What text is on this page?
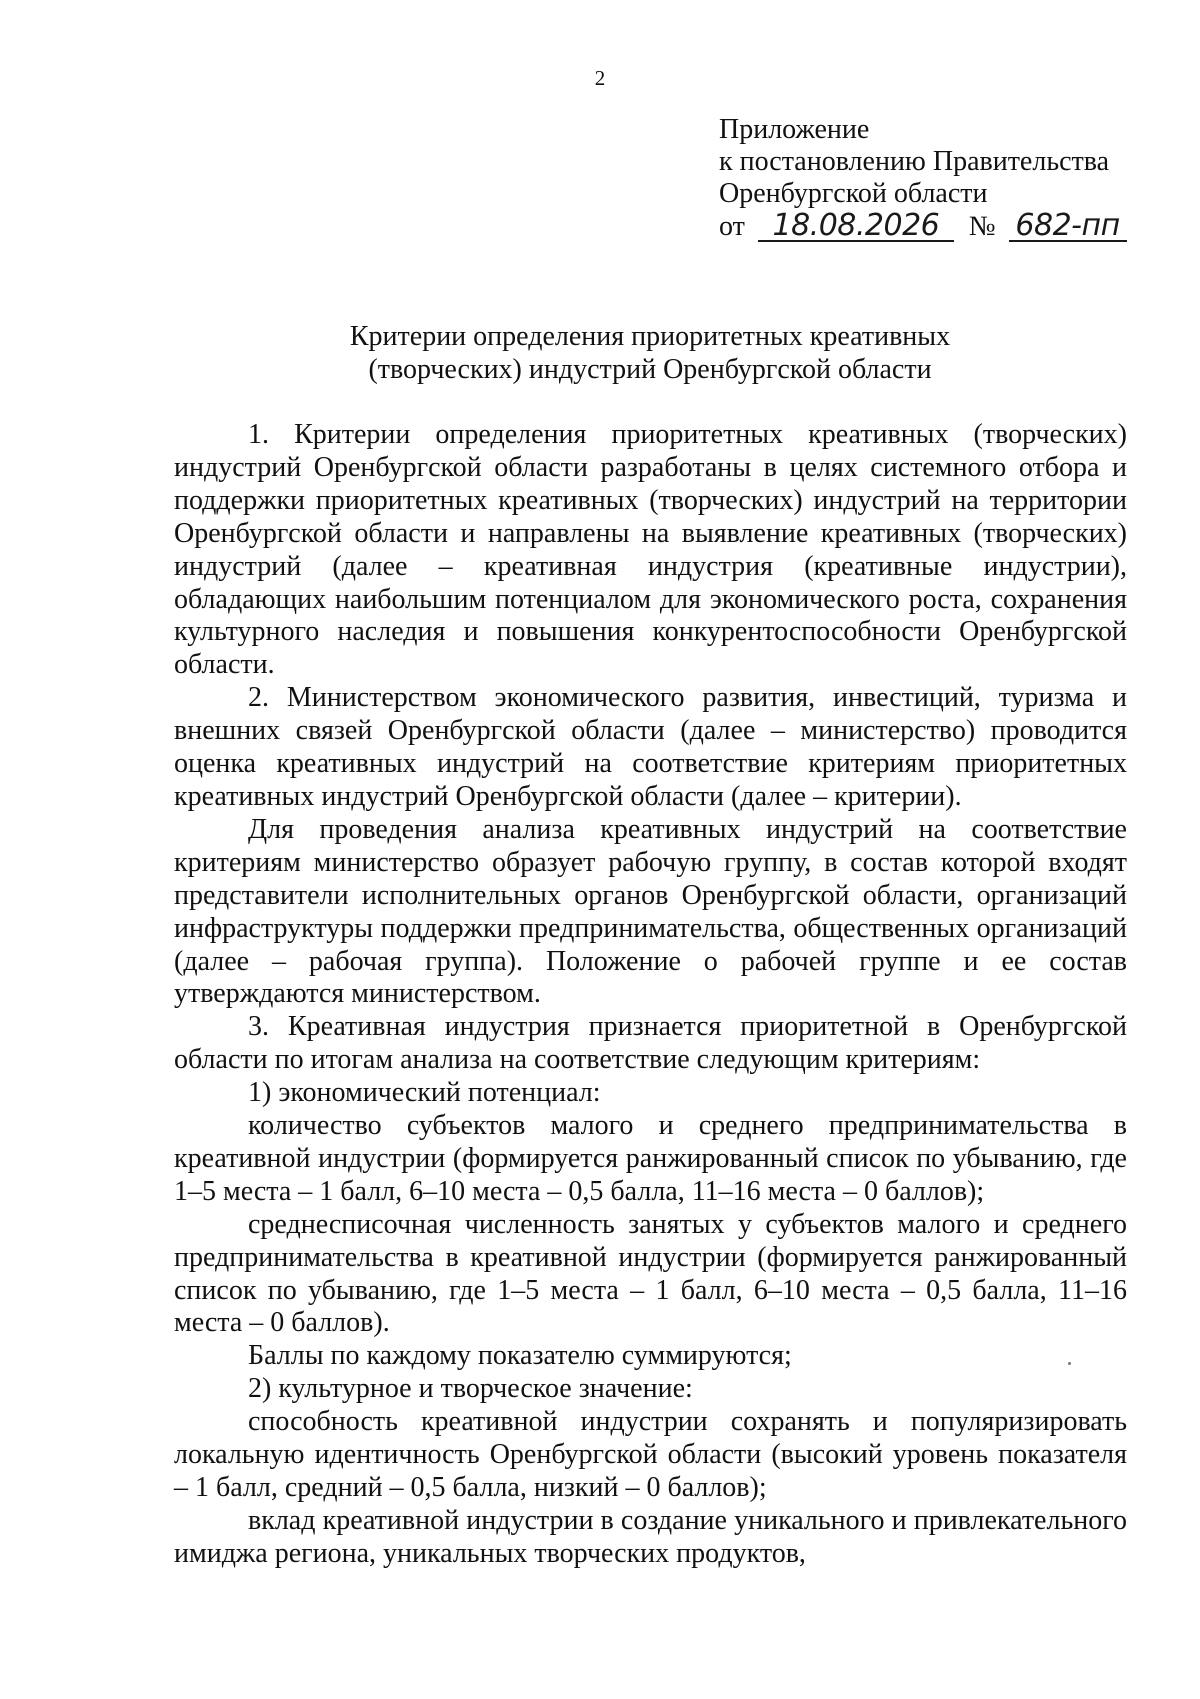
2
Приложение
к постановлению Правительства
Оренбургской области
от 18.08.2026 № 682-пп
Критерии определения приоритетных креативных
(творческих) индустрий Оренбургской области

1. Критерии определения приоритетных креативных (творческих) индустрий Оренбургской области разработаны в целях системного отбора и поддержки приоритетных креативных (творческих) индустрий на территории Оренбургской области и направлены на выявление креативных (творческих) индустрий (далее – креативная индустрия (креативные индустрии), обладающих наибольшим потенциалом для экономического роста, сохранения культурного наследия и повышения конкурентоспособности Оренбургской области.

2. Министерством экономического развития, инвестиций, туризма и внешних связей Оренбургской области (далее – министерство) проводится оценка креативных индустрий на соответствие критериям приоритетных креативных индустрий Оренбургской области (далее – критерии).

Для проведения анализа креативных индустрий на соответствие критериям министерство образует рабочую группу, в состав которой входят представители исполнительных органов Оренбургской области, организаций инфраструктуры поддержки предпринимательства, общественных организаций (далее – рабочая группа). Положение о рабочей группе и ее состав утверждаются министерством.

3. Креативная индустрия признается приоритетной в Оренбургской области по итогам анализа на соответствие следующим критериям:

1) экономический потенциал:

количество субъектов малого и среднего предпринимательства в креативной индустрии (формируется ранжированный список по убыванию, где 1–5 места – 1 балл, 6–10 места – 0,5 балла, 11–16 места – 0 баллов);

среднесписочная численность занятых у субъектов малого и среднего предпринимательства в креативной индустрии (формируется ранжированный список по убыванию, где 1–5 места – 1 балл, 6–10 места – 0,5 балла, 11–16 места – 0 баллов).

Баллы по каждому показателю суммируются;

2) культурное и творческое значение:

способность креативной индустрии сохранять и популяризировать локальную идентичность Оренбургской области (высокий уровень показателя – 1 балл, средний – 0,5 балла, низкий – 0 баллов);

вклад креативной индустрии в создание уникального и привлекательного имиджа региона, уникальных творческих продуктов,
